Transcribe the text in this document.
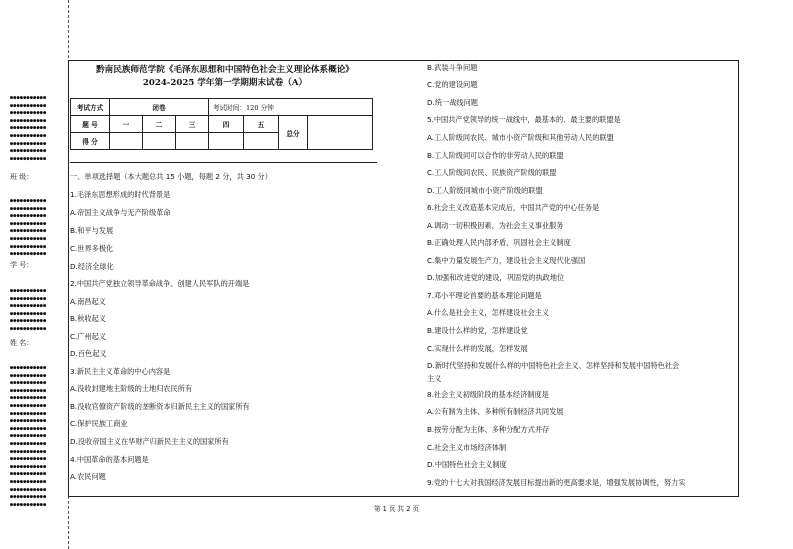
●●●●●●●●●●●
●●●●●●●●●●●
●●●●●●●●●●●
●●●●●●●●●●●
●●●●●●●●●●●
●●●●●●●●●●●
●●●●●●●●●●●
●●●●●●●●●●●
●●●●●●●●●●●
班 级：
●●●●●●●●●●●
●●●●●●●●●●●
●●●●●●●●●●●
●●●●●●●●●●●
●●●●●●●●●●●
●●●●●●●●●●●
●●●●●●●●●●●
●●●●●●●●●●●
学 号：
●●●●●●●●●●●
●●●●●●●●●●●
●●●●●●●●●●●
●●●●●●●●●●●
●●●●●●●●●●●
●●●●●●●●●●●
姓 名：
●●●●●●●●●●●
●●●●●●●●●●●
●●●●●●●●●●●
●●●●●●●●●●●
●●●●●●●●●●●
●●●●●●●●●●●
●●●●●●●●●●●
●●●●●●●●●●●
●●●●●●●●●●●
●●●●●●●●●●●
●●●●●●●●●●●
●●●●●●●●●●●
●●●●●●●●●●●
●●●●●●●●●●●
●●●●●●●●●●●
●●●●●●●●●●●
●●●●●●●●●●●
●●●●●●●●●●●
●●●●●●●●●●●
黔南民族师范学院《毛泽东思想和中国特色社会主义理论体系概论》
2024-2025 学年第一学期期末试卷（A）
考试方式	闭卷			考试时间：120 分钟			
题 号	一	二	三	四	五	总分	
得 分							
一、单项选择题（本大题总共 15 小题，每题 2 分，共 30 分）
1.毛泽东思想形成的时代背景是
A.帝国主义战争与无产阶级革命
B.和平与发展
C.世界多极化
D.经济全球化
2.中国共产党独立领导革命战争、创建人民军队的开端是
A.南昌起义
B.秋收起义
C.广州起义
D.百色起义
3.新民主主义革命的中心内容是
A.没收封建地主阶级的土地归农民所有
B.没收官僚资产阶级的垄断资本归新民主主义的国家所有
C.保护民族工商业
D.没收帝国主义在华财产归新民主主义的国家所有
4.中国革命的基本问题是
A.农民问题
B.武装斗争问题
C.党的建设问题
D.统一战线问题
5.中国共产党领导的统一战线中，最基本的、最主要的联盟是
A.工人阶级同农民、城市小资产阶级和其他劳动人民的联盟
B.工人阶级同可以合作的非劳动人民的联盟
C.工人阶级同农民、民族资产阶级的联盟
D.工人阶级同城市小资产阶级的联盟
6.社会主义改造基本完成后，中国共产党的中心任务是
A.调动一切积极因素，为社会主义事业服务
B.正确处理人民内部矛盾，巩固社会主义制度
C.集中力量发展生产力，建设社会主义现代化强国
D.加强和改进党的建设，巩固党的执政地位
7.邓小平理论首要的基本理论问题是
A.什么是社会主义，怎样建设社会主义
B.建设什么样的党，怎样建设党
C.实现什么样的发展，怎样发展
D.新时代坚持和发展什么样的中国特色社会主义、怎样坚持和发展中国特色社会
主义
8.社会主义初级阶段的基本经济制度是
A.公有制为主体、多种所有制经济共同发展
B.按劳分配为主体、多种分配方式并存
C.社会主义市场经济体制
D.中国特色社会主义制度
9.党的十七大对我国经济发展目标提出新的更高要求是，增强发展协调性，努力实
第 1 页 共 2 页
